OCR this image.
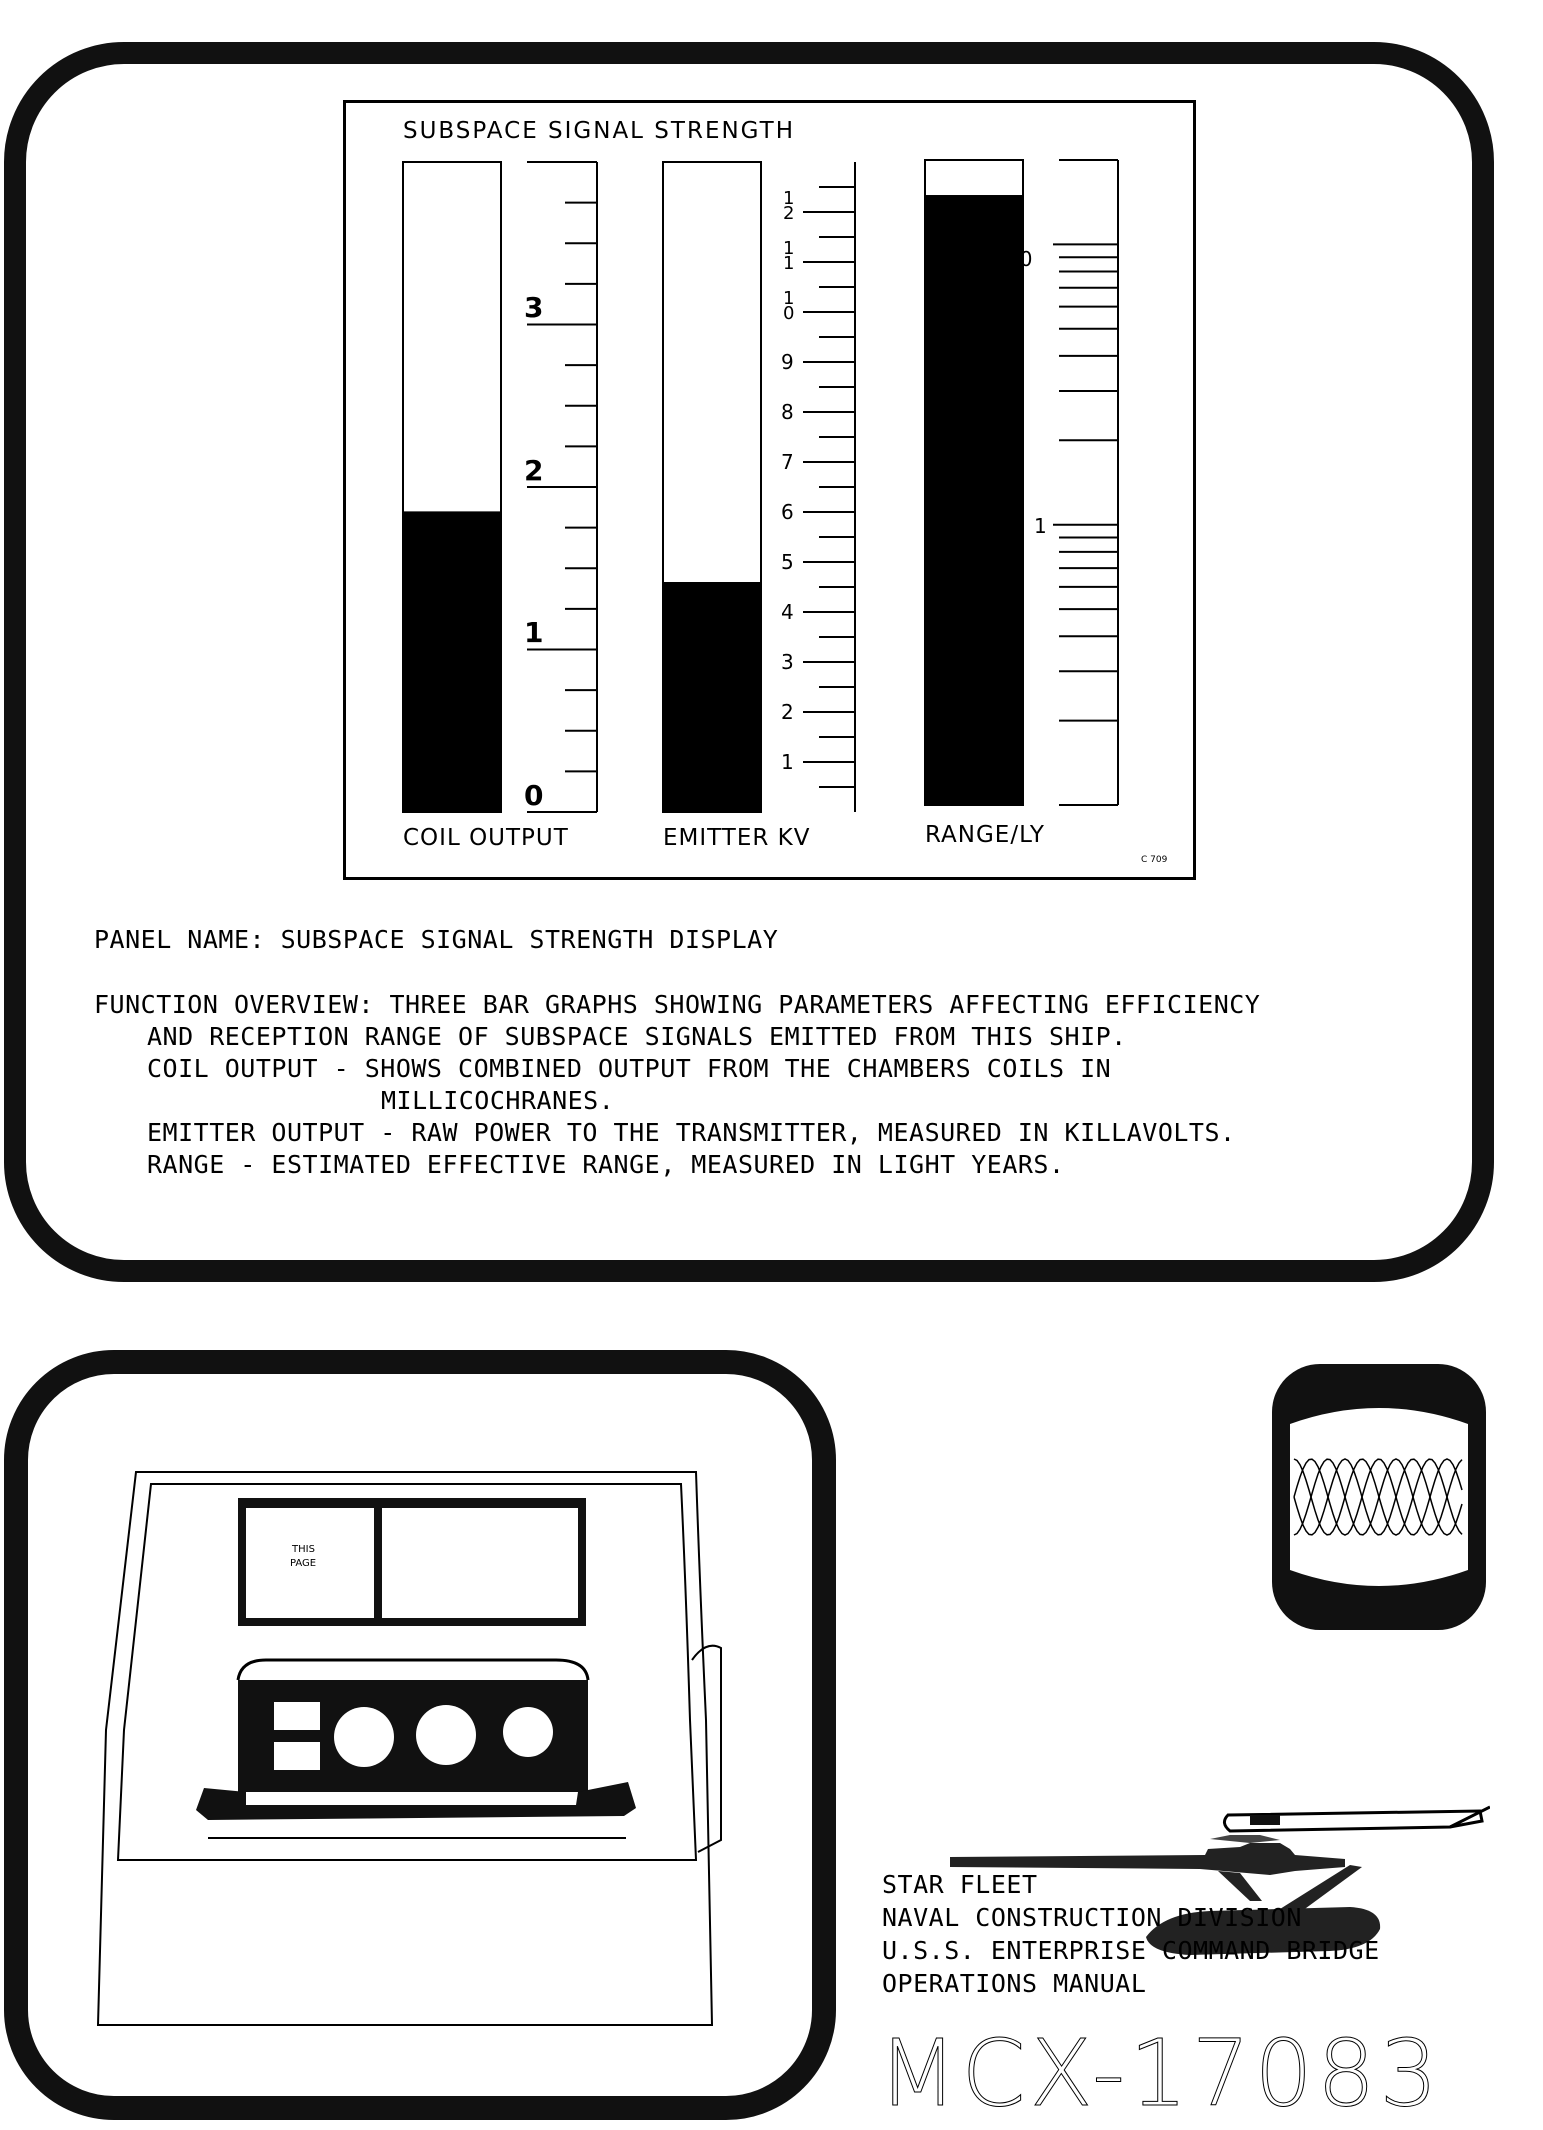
SUBSPACE SIGNAL STRENGTH
C 709
3
2
1
0
COIL OUTPUT
1
2
3
4
5
6
7
8
9
1
0
1
1
1
2
EMITTER KV
10
1
RANGE/LY
PANEL NAME: SUBSPACE SIGNAL STRENGTH DISPLAY
FUNCTION OVERVIEW: THREE BAR GRAPHS SHOWING PARAMETERS AFFECTING EFFICIENCY
AND RECEPTION RANGE OF SUBSPACE SIGNALS EMITTED FROM THIS SHIP.
COIL OUTPUT - SHOWS COMBINED OUTPUT FROM THE CHAMBERS COILS IN
MILLICOCHRANES.
EMITTER OUTPUT - RAW POWER TO THE TRANSMITTER, MEASURED IN KILLAVOLTS.
RANGE - ESTIMATED EFFECTIVE RANGE, MEASURED IN LIGHT YEARS.
THIS
PAGE
STAR FLEET
NAVAL CONSTRUCTION DIVISION
U.S.S. ENTERPRISE COMMAND BRIDGE
OPERATIONS MANUAL
MCX-17083
